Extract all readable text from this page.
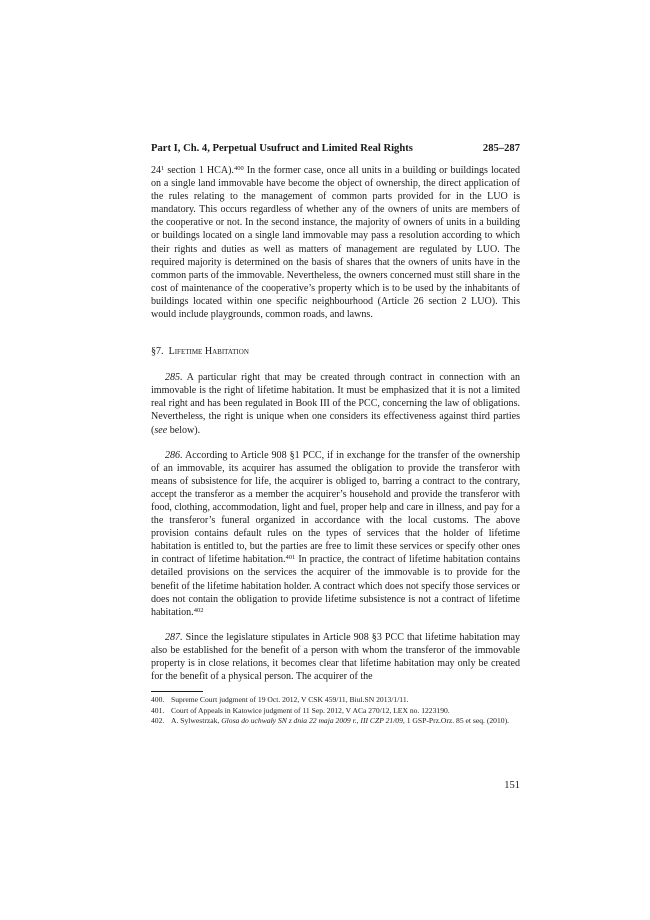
Part I, Ch. 4, Perpetual Usufruct and Limited Real Rights	285–287

$24^1$ section 1 HCA).$^{400}$ In the former case, once all units in a building or buildings located on a single land immovable have become the object of ownership, the direct application of the rules relating to the management of common parts provided for in the LUO is mandatory. This occurs regardless of whether any of the owners of units are members of the cooperative or not. In the second instance, the majority of owners of units in a building or buildings located on a single land immovable may pass a resolution according to which their rights and duties as well as matters of management are regulated by LUO. The required majority is determined on the basis of shares that the owners of units have in the common parts of the immovable. Nevertheless, the owners concerned must still share in the cost of maintenance of the cooperative’s property which is to be used by the inhabitants of buildings located within one specific neighbourhood (Article 26 section 2 LUO). This would include playgrounds, common roads, and lawns.

§7. Lifetime Habitation

285. A particular right that may be created through contract in connection with an immovable is the right of lifetime habitation. It must be emphasized that it is not a limited real right and has been regulated in Book III of the PCC, concerning the law of obligations. Nevertheless, the right is unique when one considers its effectiveness against third parties (see below).

286. According to Article 908 §1 PCC, if in exchange for the transfer of the ownership of an immovable, its acquirer has assumed the obligation to provide the transferor with means of subsistence for life, the acquirer is obliged to, barring a contract to the contrary, accept the transferor as a member the acquirer’s household and provide the transferor with food, clothing, accommodation, light and fuel, proper help and care in illness, and pay for a the transferor’s funeral organized in accordance with the local customs. The above provision contains default rules on the types of services that the holder of lifetime habitation is entitled to, but the parties are free to limit these services or specify other ones in contract of lifetime habitation.$^{401}$ In practice, the contract of lifetime habitation contains detailed provisions on the services the acquirer of the immovable is to provide for the benefit of the lifetime habitation holder. A contract which does not specify those services or does not contain the obligation to provide lifetime subsistence is not a contract of lifetime habitation.$^{402}$

287. Since the legislature stipulates in Article 908 §3 PCC that lifetime habitation may also be established for the benefit of a person with whom the transferor of the immovable property is in close relations, it becomes clear that lifetime habitation may only be created for the benefit of a physical person. The acquirer of the

400. Supreme Court judgment of 19 Oct. 2012, V CSK 459/11, Biul.SN 2013/1/11.
401. Court of Appeals in Katowice judgment of 11 Sep. 2012, V ACa 270/12, LEX no. 1223190.
402. A. Sylwestrzak, Glosa do uchwały SN z dnia 22 maja 2009 r., III CZP 21/09, 1 GSP-Prz.Orz. 85 et seq. (2010).
151
